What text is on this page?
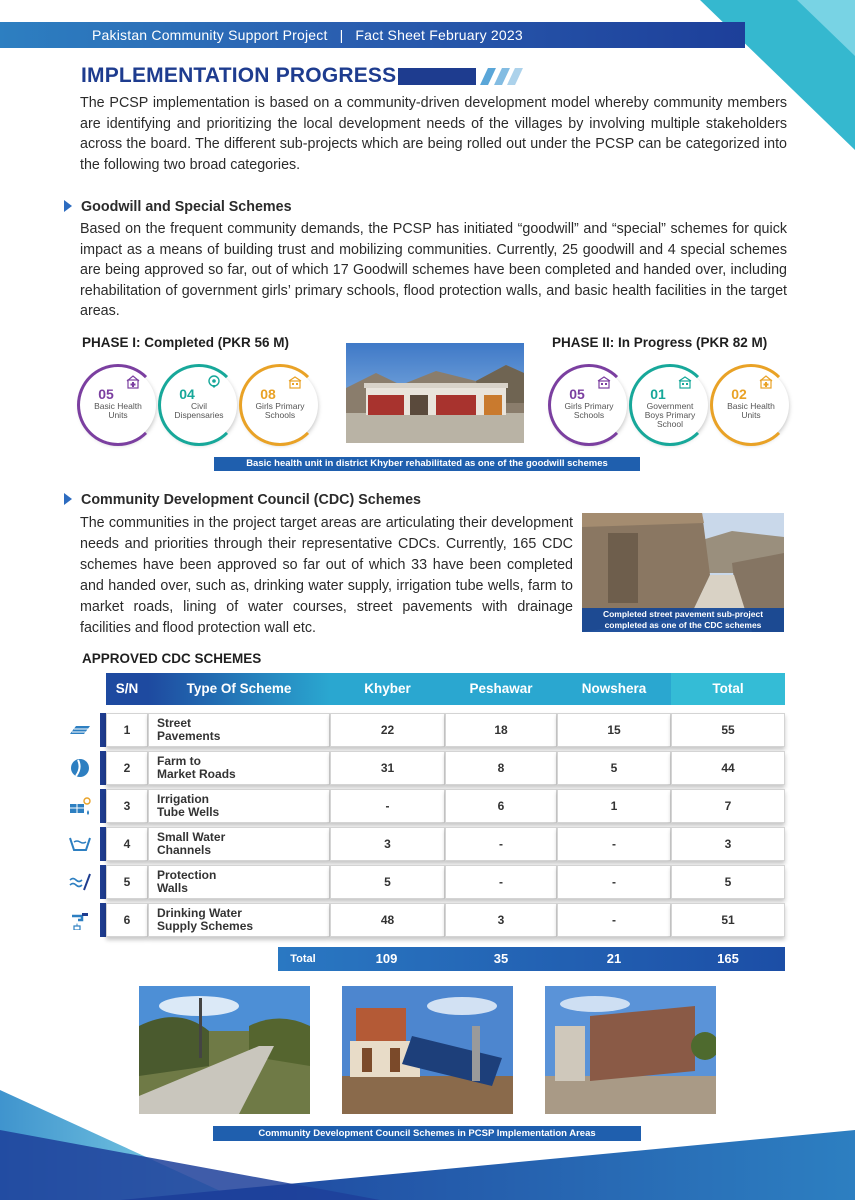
Pakistan Community Support Project | Fact Sheet February 2023
IMPLEMENTATION PROGRESS
The PCSP implementation is based on a community-driven development model whereby community members are identifying and prioritizing the local development needs of the villages by involving multiple stakeholders across the board. The different sub-projects which are being rolled out under the PCSP can be categorized into the following two broad categories.
Goodwill and Special Schemes
Based on the frequent community demands, the PCSP has initiated “goodwill” and “special” schemes for quick impact as a means of building trust and mobilizing communities. Currently, 25 goodwill and 4 special schemes are being approved so far, out of which 17 Goodwill schemes have been completed and handed over, including rehabilitation of government girls’ primary schools, flood protection walls, and basic health facilities in the target areas.
PHASE I: Completed (PKR 56 M)
05
Basic Health Units
04
Civil Dispensaries
08
Girls Primary Schools
PHASE II: In Progress (PKR 82 M)
05
Girls Primary Schools
01
Government Boys Primary School
02
Basic Health Units
Basic health unit in district Khyber rehabilitated as one of the goodwill schemes
Community Development Council (CDC) Schemes
The communities in the project target areas are articulating their development needs and priorities through their representative CDCs. Currently, 165 CDC schemes have been approved so far out of which 33 have been completed and handed over, such as, drinking water supply, irrigation tube wells, farm to market roads, lining of water courses, street pavements with drainage facilities and flood protection wall etc.
Completed street pavement sub-project
completed as one of the CDC schemes
APPROVED CDC SCHEMES
S/N	Type Of Scheme	Khyber	Peshawar	Nowshera	Total
1	Street
Pavements	22	18	15	55
2	Farm to
Market Roads	31	8	5	44
3	Irrigation
Tube Wells	-	6	1	7
4	Small Water
Channels	3	-	-	3
5	Protection
Walls	5	-	-	5
6	Drinking Water
Supply Schemes	48	3	-	51
Total	109	35	21	165
Community Development Council Schemes in PCSP Implementation Areas
